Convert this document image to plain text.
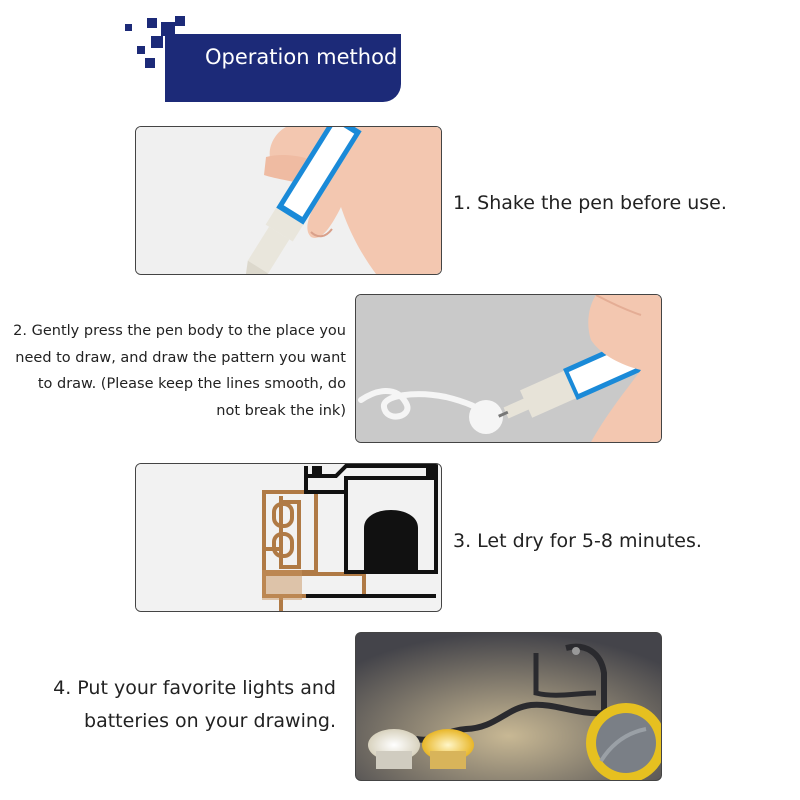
Operation method
1. Shake the pen before use.
2. Gently press the pen body to the place you need to draw, and draw the pattern you want to draw. (Please keep the lines smooth, do not break the ink)
3. Let dry for 5-8 minutes.
4. Put your favorite lights and batteries on your drawing.
